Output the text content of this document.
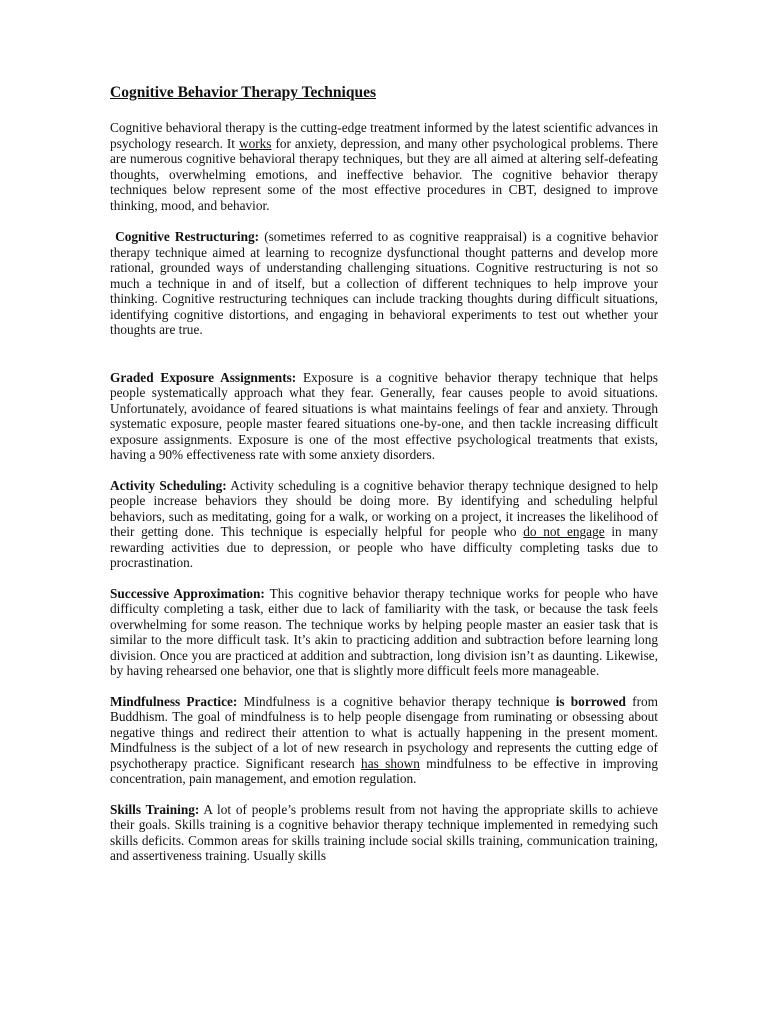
Cognitive Behavior Therapy Techniques

Cognitive behavioral therapy is the cutting-edge treatment informed by the latest scientific advances in psychology research. It works for anxiety, depression, and many other psychological problems. There are numerous cognitive behavioral therapy techniques, but they are all aimed at altering self-defeating thoughts, overwhelming emotions, and ineffective behavior. The cognitive behavior therapy techniques below represent some of the most effective procedures in CBT, designed to improve thinking, mood, and behavior.

Cognitive Restructuring: (sometimes referred to as cognitive reappraisal) is a cognitive behavior therapy technique aimed at learning to recognize dysfunctional thought patterns and develop more rational, grounded ways of understanding challenging situations. Cognitive restructuring is not so much a technique in and of itself, but a collection of different techniques to help improve your thinking. Cognitive restructuring techniques can include tracking thoughts during difficult situations, identifying cognitive distortions, and engaging in behavioral experiments to test out whether your thoughts are true.

Graded Exposure Assignments: Exposure is a cognitive behavior therapy technique that helps people systematically approach what they fear. Generally, fear causes people to avoid situations. Unfortunately, avoidance of feared situations is what maintains feelings of fear and anxiety. Through systematic exposure, people master feared situations one-by-one, and then tackle increasing difficult exposure assignments. Exposure is one of the most effective psychological treatments that exists, having a 90% effectiveness rate with some anxiety disorders.

Activity Scheduling: Activity scheduling is a cognitive behavior therapy technique designed to help people increase behaviors they should be doing more. By identifying and scheduling helpful behaviors, such as meditating, going for a walk, or working on a project, it increases the likelihood of their getting done. This technique is especially helpful for people who do not engage in many rewarding activities due to depression, or people who have difficulty completing tasks due to procrastination.

Successive Approximation: This cognitive behavior therapy technique works for people who have difficulty completing a task, either due to lack of familiarity with the task, or because the task feels overwhelming for some reason. The technique works by helping people master an easier task that is similar to the more difficult task. It’s akin to practicing addition and subtraction before learning long division. Once you are practiced at addition and subtraction, long division isn’t as daunting. Likewise, by having rehearsed one behavior, one that is slightly more difficult feels more manageable.

Mindfulness Practice: Mindfulness is a cognitive behavior therapy technique is borrowed from Buddhism. The goal of mindfulness is to help people disengage from ruminating or obsessing about negative things and redirect their attention to what is actually happening in the present moment. Mindfulness is the subject of a lot of new research in psychology and represents the cutting edge of psychotherapy practice. Significant research has shown mindfulness to be effective in improving concentration, pain management, and emotion regulation.

Skills Training: A lot of people’s problems result from not having the appropriate skills to achieve their goals. Skills training is a cognitive behavior therapy technique implemented in remedying such skills deficits. Common areas for skills training include social skills training, communication training, and assertiveness training. Usually skills
